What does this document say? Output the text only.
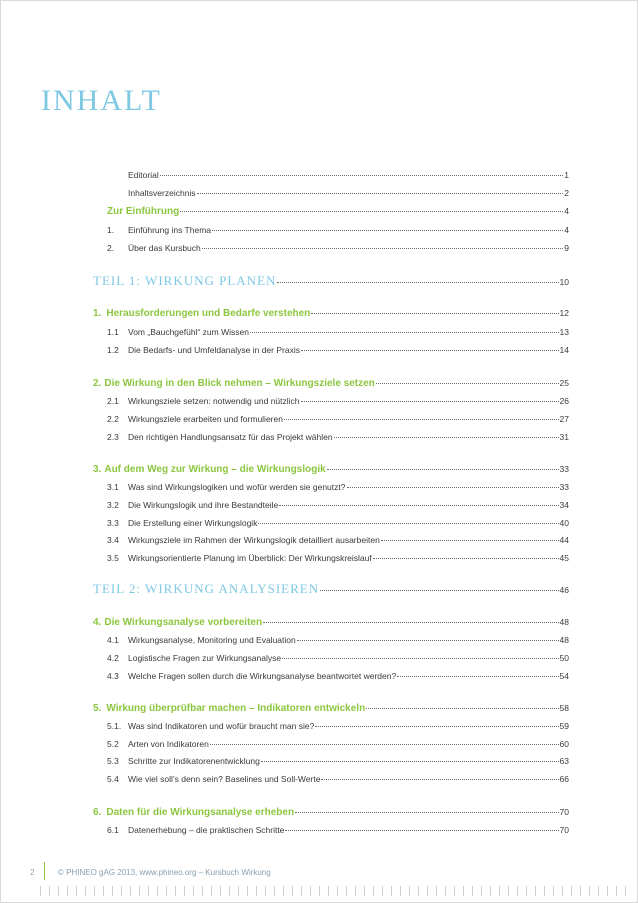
INHALT
Editorial	1
Inhaltsverzeichnis	2
Zur Einführung	4
1.	Einführung ins Thema	4
2.	Über das Kursbuch	9
TEIL 1: WIRKUNG PLANEN	10
1. Herausforderungen und Bedarfe verstehen	12
1.1	Vom „Bauchgefühl“ zum Wissen	13
1.2	Die Bedarfs- und Umfeldanalyse in der Praxis	14
2. Die Wirkung in den Blick nehmen – Wirkungsziele setzen	25
2.1	Wirkungsziele setzen: notwendig und nützlich	26
2.2	Wirkungsziele erarbeiten und formulieren	27
2.3	Den richtigen Handlungsansatz für das Projekt wählen	31
3. Auf dem Weg zur Wirkung – die Wirkungslogik	33
3.1	Was sind Wirkungslogiken und wofür werden sie genutzt?	33
3.2	Die Wirkungslogik und ihre Bestandteile	34
3.3	Die Erstellung einer Wirkungslogik	40
3.4	Wirkungsziele im Rahmen der Wirkungslogik detailliert ausarbeiten	44
3.5	Wirkungsorientierte Planung im Überblick: Der Wirkungskreislauf	45
TEIL 2: WIRKUNG ANALYSIEREN	46
4. Die Wirkungsanalyse vorbereiten	48
4.1	Wirkungsanalyse, Monitoring und Evaluation	48
4.2	Logistische Fragen zur Wirkungsanalyse	50
4.3	Welche Fragen sollen durch die Wirkungsanalyse beantwortet werden?	54
5. Wirkung überprüfbar machen – Indikatoren entwickeln	58
5.1. Was sind Indikatoren und wofür braucht man sie?	59
5.2	Arten von Indikatoren	60
5.3	Schritte zur Indikatorenentwicklung	63
5.4	Wie viel soll’s denn sein? Baselines und Soll-Werte	66
6. Daten für die Wirkungsanalyse erheben	70
6.1	Datenerhebung – die praktischen Schritte	70
2	© PHINEO gAG 2013, www.phineo.org – Kursbuch Wirkung
